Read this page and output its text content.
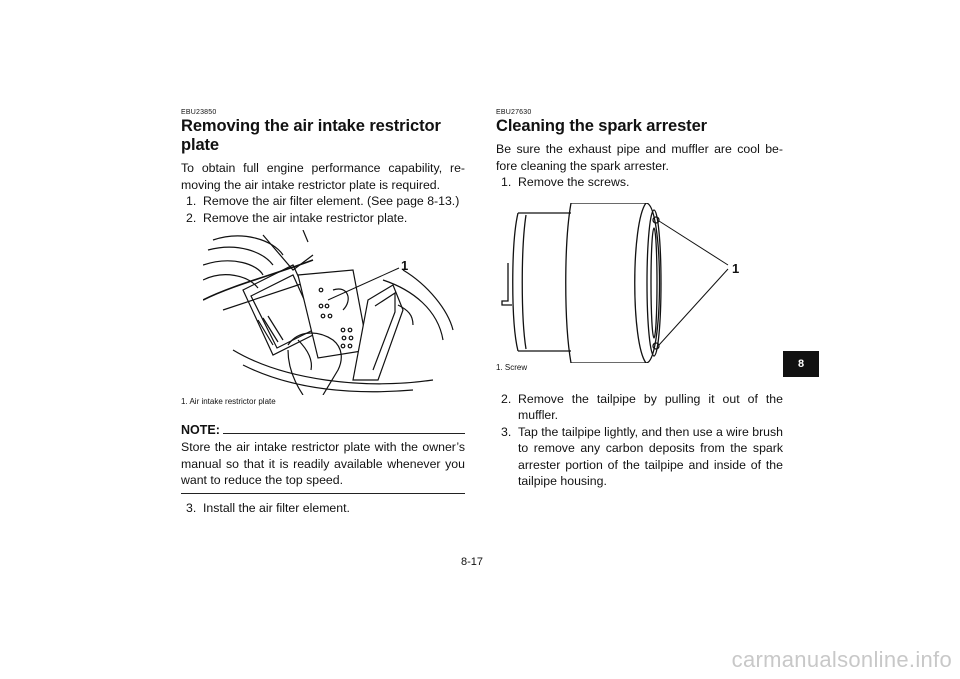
EBU23850

Removing the air intake restrictor plate

To obtain full engine performance capability, re-moving the air intake restrictor plate is required.

1. Remove the air filter element. (See page 8-13.)
2. Remove the air intake restrictor plate.
1

1. Air intake restrictor plate

NOTE:

Store the air intake restrictor plate with the owner’s manual so that it is readily available whenever you want to reduce the top speed.

3. Install the air filter element.

EBU27630

Cleaning the spark arrester

Be sure the exhaust pipe and muffler are cool be-fore cleaning the spark arrester.

1. Remove the screws.
1

1. Screw

2. Remove the tailpipe by pulling it out of the muffler.
3. Tap the tailpipe lightly, and then use a wire brush to remove any carbon deposits from the spark arrester portion of the tailpipe and inside of the tailpipe housing.
8-17
8
carmanualsonline.info
